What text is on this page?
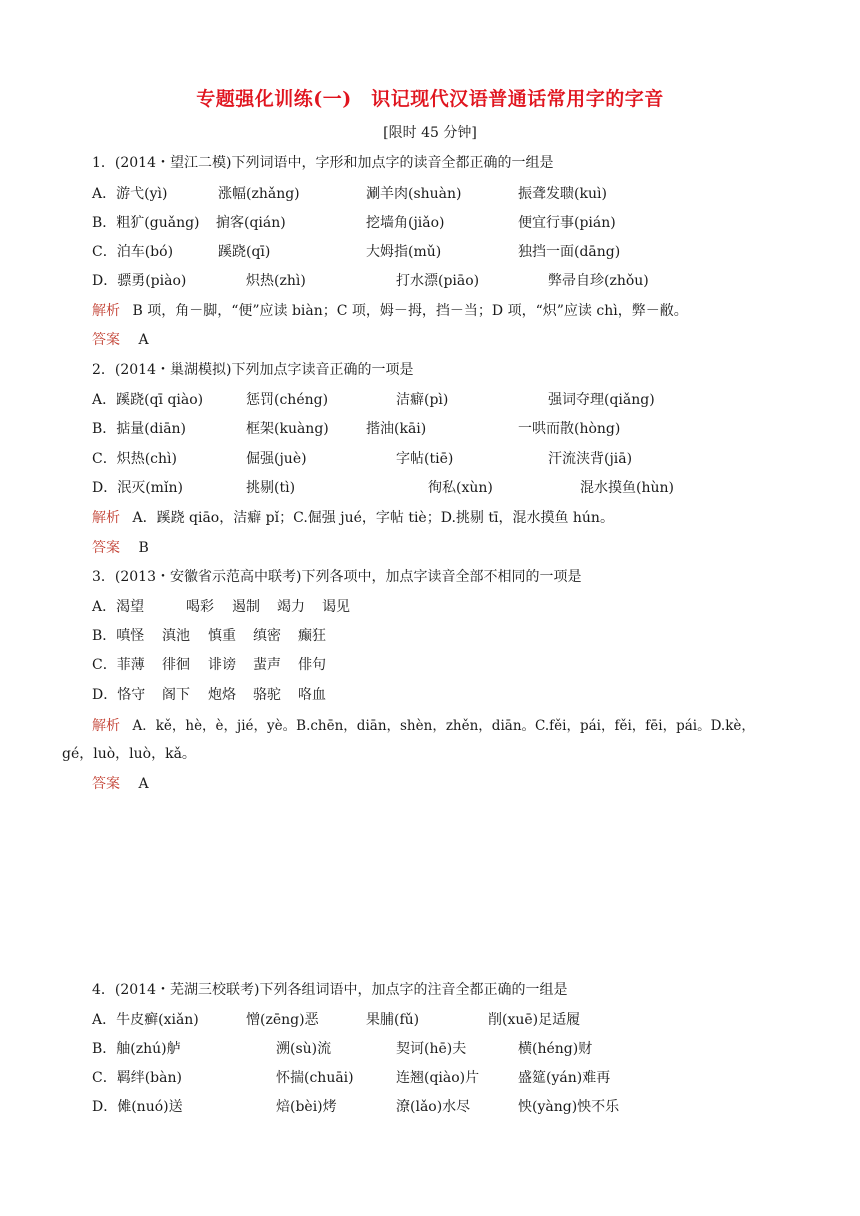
专题强化训练(一)　识记现代汉语普通话常用字的字音
[限时 45 分钟]
1．(2014・望江二模)下列词语中，字形和加点字的读音全都正确的一组是
A．游弋(yì)	涨幅(zhǎng)	涮羊肉(shuàn)	振聋发聩(kuì)
B．粗犷(guǎng) 掮客(qián)	挖墙角(jiǎo)	便宜行事(pián)
C．泊车(bó)	蹊跷(qī)	大姆指(mǔ)	独挡一面(dāng)
D．骠勇(piào)	炽热(zhì)	打水漂(piāo)	弊帚自珍(zhǒu)
解析 B 项，角－脚，“便”应读 biàn；C 项，姆－拇，挡－当；D 项，“炽”应读 chì，弊－敝。
答案 A
2．(2014・巢湖模拟)下列加点字读音正确的一项是
A．蹊跷(qī qiào)	惩罚(chéng)	洁癖(pì)	强词夺理(qiǎng)
B．掂量(diān)	框架(kuàng)	揩油(kāi)	一哄而散(hòng)
C．炽热(chì)	倔强(juè)	字帖(tiē)	汗流浃背(jiā)
D．泯灭(mǐn)	挑剔(tì)	徇私(xùn)	混水摸鱼(hùn)
解析 A．蹊跷 qiāo，洁癖 pǐ；C.倔强 jué，字帖 tiè；D.挑剔 tī，混水摸鱼 hún。
答案 B
3．(2013・安徽省示范高中联考)下列各项中，加点字读音全部不相同的一项是
A．渴望	喝彩 遏制 竭力 谒见
B．嗔怪 滇池 慎重 缜密 癫狂
C．菲薄 徘徊 诽谤 蜚声 俳句
D．恪守 阁下 炮烙 骆驼 咯血
解析 A．kě，hè，è，jié，yè。B.chēn，diān，shèn，zhěn，diān。C.fěi，pái，fěi，fēi，pái。D.kè，
gé，luò，luò，kǎ。
答案 A
4．(2014・芜湖三校联考)下列各组词语中，加点字的注音全都正确的一组是
A．牛皮癣(xiǎn)	憎(zēng)恶	果脯(fǔ)	削(xuē)足适履
B．舳(zhú)舻	溯(sù)流	契诃(hē)夫	横(héng)财
C．羁绊(bàn)	怀揣(chuāi)	连翘(qiào)片	盛筵(yán)难再
D．傩(nuó)送	焙(bèi)烤	潦(lǎo)水尽	怏(yàng)怏不乐
